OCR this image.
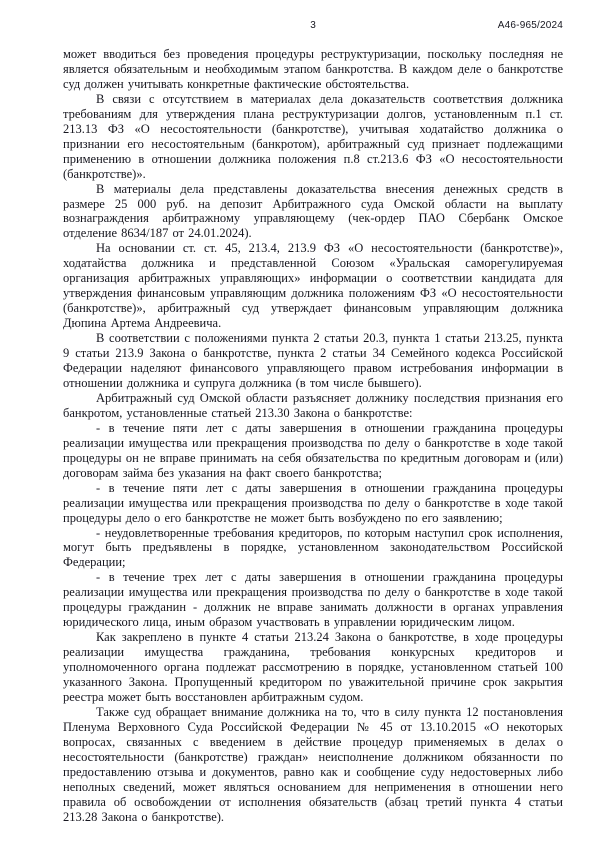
3	А46-965/2024

может вводиться без проведения процедуры реструктуризации, поскольку последняя не является обязательным и необходимым этапом банкротства. В каждом деле о банкротстве суд должен учитывать конкретные фактические обстоятельства.

В связи с отсутствием в материалах дела доказательств соответствия должника требованиям для утверждения плана реструктуризации долгов, установленным п.1 ст. 213.13 ФЗ «О несостоятельности (банкротстве), учитывая ходатайство должника о признании его несостоятельным (банкротом), арбитражный суд признает подлежащими применению в отношении должника положения п.8 ст.213.6 ФЗ «О несостоятельности (банкротстве)».

В материалы дела представлены доказательства внесения денежных средств в размере 25 000 руб. на депозит Арбитражного суда Омской области на выплату вознаграждения арбитражному управляющему (чек-ордер ПАО Сбербанк Омское отделение 8634/187 от 24.01.2024).

На основании ст. ст. 45, 213.4, 213.9 ФЗ «О несостоятельности (банкротстве)», ходатайства должника и представленной Союзом «Уральская саморегулируемая организация арбитражных управляющих» информации о соответствии кандидата для утверждения финансовым управляющим должника положениям ФЗ «О несостоятельности (банкротстве)», арбитражный суд утверждает финансовым управляющим должника Дюпина Артема Андреевича.

В соответствии с положениями пункта 2 статьи 20.3, пункта 1 статьи 213.25, пункта 9 статьи 213.9 Закона о банкротстве, пункта 2 статьи 34 Семейного кодекса Российской Федерации наделяют финансового управляющего правом истребования информации в отношении должника и супруга должника (в том числе бывшего).

Арбитражный суд Омской области разъясняет должнику последствия признания его банкротом, установленные статьей 213.30 Закона о банкротстве:

- в течение пяти лет с даты завершения в отношении гражданина процедуры реализации имущества или прекращения производства по делу о банкротстве в ходе такой процедуры он не вправе принимать на себя обязательства по кредитным договорам и (или) договорам займа без указания на факт своего банкротства;

- в течение пяти лет с даты завершения в отношении гражданина процедуры реализации имущества или прекращения производства по делу о банкротстве в ходе такой процедуры дело о его банкротстве не может быть возбуждено по его заявлению;

- неудовлетворенные требования кредиторов, по которым наступил срок исполнения, могут быть предъявлены в порядке, установленном законодательством Российской Федерации;

- в течение трех лет с даты завершения в отношении гражданина процедуры реализации имущества или прекращения производства по делу о банкротстве в ходе такой процедуры гражданин - должник не вправе занимать должности в органах управления юридического лица, иным образом участвовать в управлении юридическим лицом.

Как закреплено в пункте 4 статьи 213.24 Закона о банкротстве, в ходе процедуры реализации имущества гражданина, требования конкурсных кредиторов и уполномоченного органа подлежат рассмотрению в порядке, установленном статьей 100 указанного Закона. Пропущенный кредитором по уважительной причине срок закрытия реестра может быть восстановлен арбитражным судом.

Также суд обращает внимание должника на то, что в силу пункта 12 постановления Пленума Верховного Суда Российской Федерации № 45 от 13.10.2015 «О некоторых вопросах, связанных с введением в действие процедур применяемых в делах о несостоятельности (банкротстве) граждан» неисполнение должником обязанности по предоставлению отзыва и документов, равно как и сообщение суду недостоверных либо неполных сведений, может являться основанием для неприменения в отношении него правила об освобождении от исполнения обязательств (абзац третий пункта 4 статьи 213.28 Закона о банкротстве).
